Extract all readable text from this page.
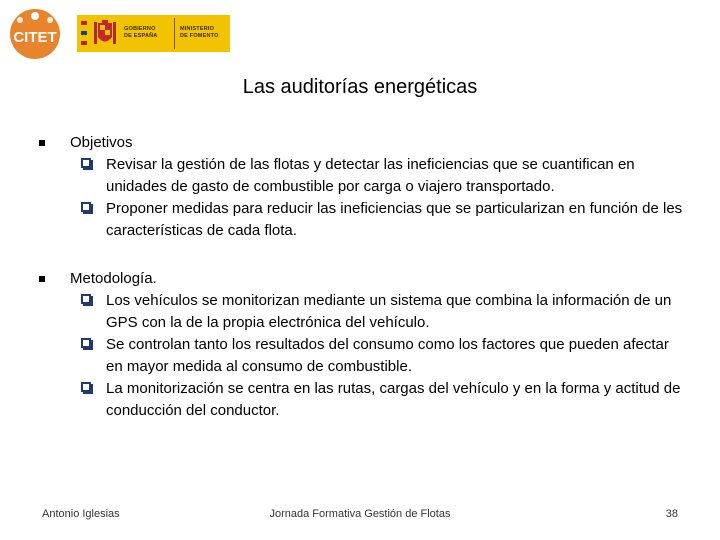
CITET	GOBIERNO
DE ESPAÑA
MINISTERIO
DE FOMENTO
Las auditorías energéticas
Objetivos
Revisar la gestión de las flotas y detectar las ineficiencias que se cuantifican en unidades de gasto de combustible por carga o viajero transportado.
Proponer medidas para reducir las ineficiencias que se particularizan en función de les características de cada flota.
Metodología.
Los vehículos se monitorizan mediante un sistema que combina la información de un GPS con la de la propia electrónica del vehículo.
Se controlan tanto los resultados del consumo como los factores que pueden afectar en mayor medida al consumo de combustible.
La monitorización se centra en las rutas, cargas del vehículo y en la forma y actitud de conducción del conductor.
Antonio Iglesias	Jornada Formativa Gestión de Flotas	38
